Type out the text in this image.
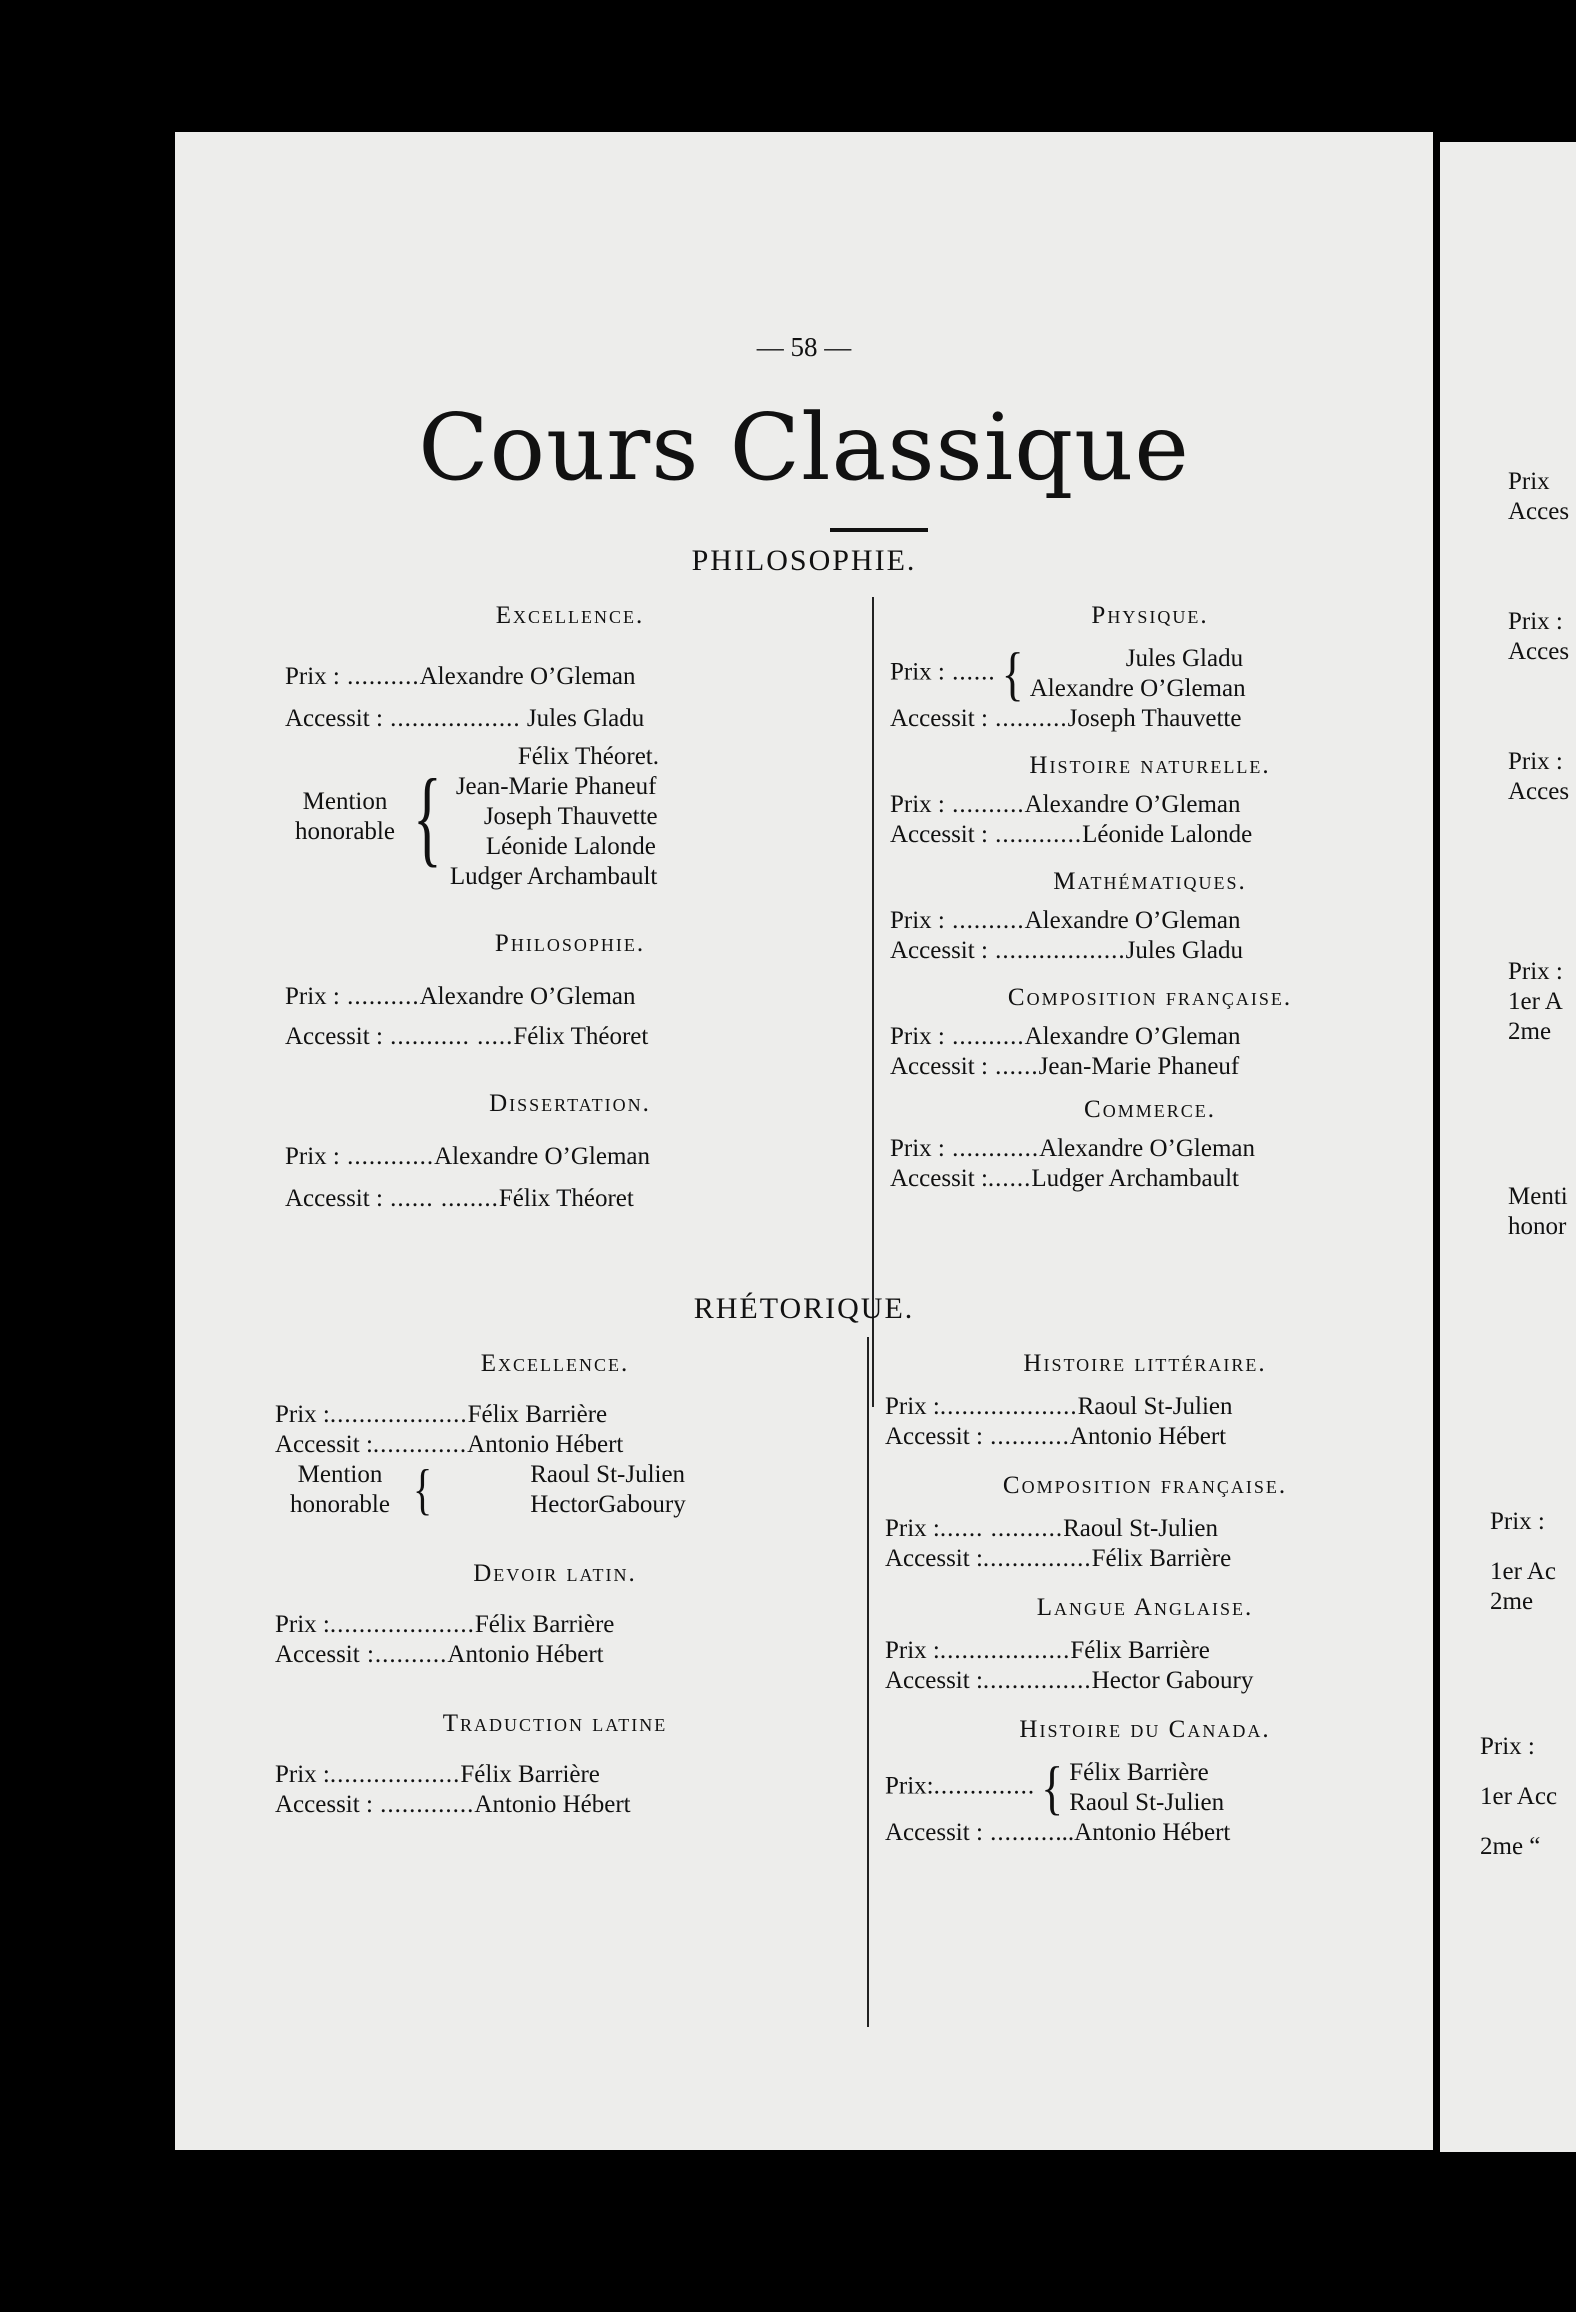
— 58 —
Cours Classique
PHILOSOPHIE.
Excellence.
Prix : ..........Alexandre O’Gleman
Accessit : .................. Jules Gladu
Mention
honorable {
Félix Théoret.
Jean-Marie Phaneuf
Joseph Thauvette
Léonide Lalonde
Ludger Archambault
Philosophie.
Prix : ..........Alexandre O’Gleman
Accessit : ........... .....Félix Théoret
Dissertation.
Prix : ............Alexandre O’Gleman
Accessit : ...... ........Félix Théoret
Physique.
Prix : ...... {	Jules Gladu
Alexandre O’Gleman
Accessit : ..........Joseph Thauvette
Histoire naturelle.
Prix : ..........Alexandre O’Gleman
Accessit : ............Léonide Lalonde
Mathématiques.
Prix : ..........Alexandre O’Gleman
Accessit : ..................Jules Gladu
Composition française.
Prix : ..........Alexandre O’Gleman
Accessit : ......Jean-Marie Phaneuf
Commerce.
Prix : ............Alexandre O’Gleman
Accessit :......Ludger Archambault
RHÉTORIQUE.
Excellence.
Prix :...................Félix Barrière
Accessit :.............Antonio Hébert
Mention
honorable {	Raoul St-Julien
HectorGaboury
Devoir latin.
Prix :....................Félix Barrière
Accessit :..........Antonio Hébert
Traduction latine
Prix :..................Félix Barrière
Accessit : .............Antonio Hébert
Histoire littéraire.
Prix :...................Raoul St-Julien
Accessit : ...........Antonio Hébert
Composition française.
Prix :...... ..........Raoul St-Julien
Accessit :...............Félix Barrière
Langue Anglaise.
Prix :..................Félix Barrière
Accessit :...............Hector Gaboury
Histoire du Canada.
Prix:.............. { Félix Barrière
Raoul St-Julien
Accessit : ............Antonio Hébert
Prix
Acces
Prix :
Acces
Prix :
Acces
Prix :
1er A
2me
Menti
honor
Prix :
1er Ac
2me
Prix :
1er Acc
2me “
